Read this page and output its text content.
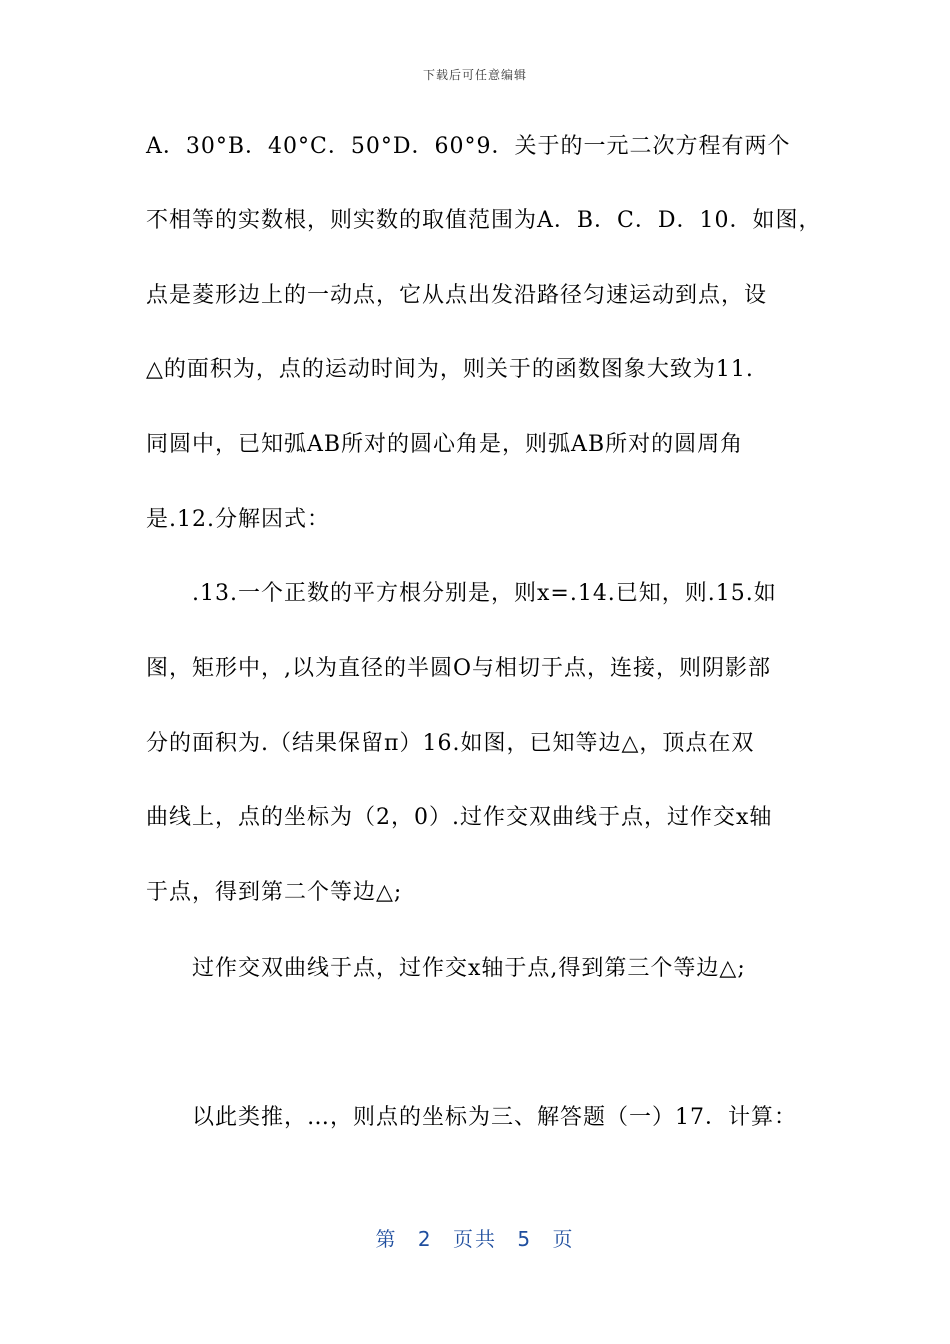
下载后可任意编辑
A．30°B．40°C．50°D．60°9．关于的一元二次方程有两个
不相等的实数根，则实数的取值范围为A．B．C．D．10．如图，
点是菱形边上的一动点，它从点出发沿路径匀速运动到点，设
△的面积为，点的运动时间为，则关于的函数图象大致为11.
同圆中，已知弧AB所对的圆心角是，则弧AB所对的圆周角
是.12.分解因式：
.13.一个正数的平方根分别是，则x=.14.已知，则.15.如
图，矩形中，,以为直径的半圆O与相切于点，连接，则阴影部
分的面积为.（结果保留π）16.如图，已知等边△，顶点在双
曲线上，点的坐标为（2，0）.过作交双曲线于点，过作交x轴
于点，得到第二个等边△;
过作交双曲线于点，过作交x轴于点,得到第三个等边△;
以此类推，…，则点的坐标为三、解答题（一）17．计算：
第 2 页共 5 页
